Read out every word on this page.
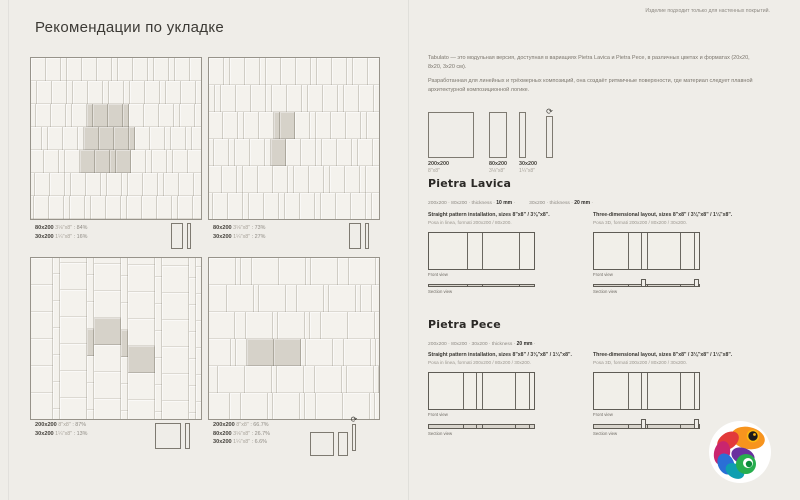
Рекомендации по укладке
80x200 3⅛"x8" : 84%
30x200 1¼"x8" : 16%
80x200 3⅛"x8" : 73%
30x200 1¼"x8" : 27%
200x200 8"x8" : 87%
30x200 1¼"x8" : 13%
200x200 8"x8" : 66.7%
80x200 3⅛"x8" : 26.7%
30x200 1¼"x8" : 6.6%
⟳
Изделие подходит только для настенных покрытий.

Tabulato — это модульная версия, доступная в вариациях Pietra Lavica и Pietra Pece, в различных цветах и форматах (20x20, 8x20, 3x20 см).

Разработанная для линейных и трёхмерных композиций, она создаёт ритмичные поверхности, где материал следует плавной архитектурной композиционной логике.

200x200
8"x8"
80x200
3⅛"x8"
30x200
1¼"x8"
⟳
Pietra Lavica
200x200 · 80x200 · thickness · 10 mm ·	30x200 · thickness · 20 mm ·
Straight pattern installation, sizes 8"x8" / 3⅛"x8".
Posa in linea, formati 200x200 / 80x200.
Front view
Section view
Three-dimensional layout, sizes 8"x8" / 3⅛"x8" / 1¼"x8".
Posa 3D, formati 200x200 / 80x200 / 30x200.
Front view
Section view
Pietra Pece
200x200 · 80x200 · 30x200 · thickness · 20 mm ·
Straight pattern installation, sizes 8"x8" / 3⅛"x8" / 1¼"x8".
Posa in linea, formati 200x200 / 80x200 / 30x200.
Front view
Section view
Three-dimensional layout, sizes 8"x8" / 3⅛"x8" / 1¼"x8".
Posa 3D, formati 200x200 / 80x200 / 30x200.
Front view
Section view
